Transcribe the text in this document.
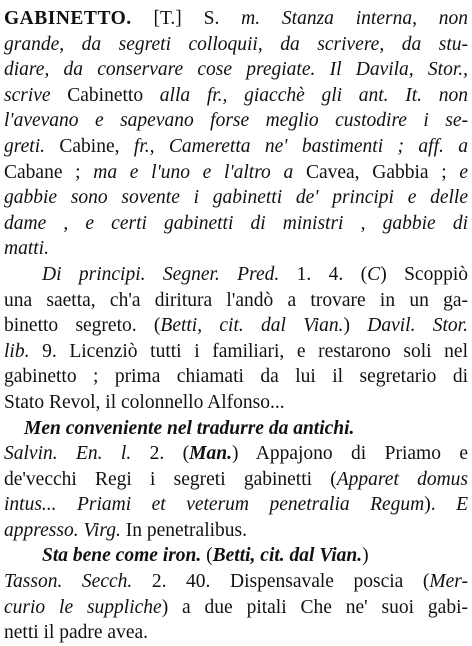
GABINETTO. [T.] S. m. Stanza interna, non
grande, da segreti colloquii, da scrivere, da stu-
diare, da conservare cose pregiate. Il Davila, Stor.,
scrive Cabinetto alla fr., giacchè gli ant. It. non
l'avevano e sapevano forse meglio custodire i se-
greti. Cabine, fr., Cameretta ne' bastimenti ; aff. a
Cabane ; ma e l'uno e l'altro a Cavea, Gabbia ; e
gabbie sono sovente i gabinetti de' principi e delle
dame , e certi gabinetti di ministri , gabbie di
matti.
Di principi. Segner. Pred. 1. 4. (C) Scoppiò
una saetta, ch'a diritura l'andò a trovare in un ga-
binetto segreto. (Betti, cit. dal Vian.) Davil. Stor.
lib. 9. Licenziò tutti i familiari, e restarono soli nel
gabinetto ; prima chiamati da lui il segretario di
Stato Revol, il colonnello Alfonso...
Men conveniente nel tradurre da antichi.
Salvin. En. l. 2. (Man.) Appajono di Priamo e
de'vecchi Regi i segreti gabinetti (Apparet domus
intus... Priami et veterum penetralia Regum). E
appresso. Virg. In penetralibus.
Sta bene come iron. (Betti, cit. dal Vian.)
Tasson. Secch. 2. 40. Dispensavale poscia (Mer-
curio le suppliche) a due pitali Che ne' suoi gabi-
netti il padre avea.
